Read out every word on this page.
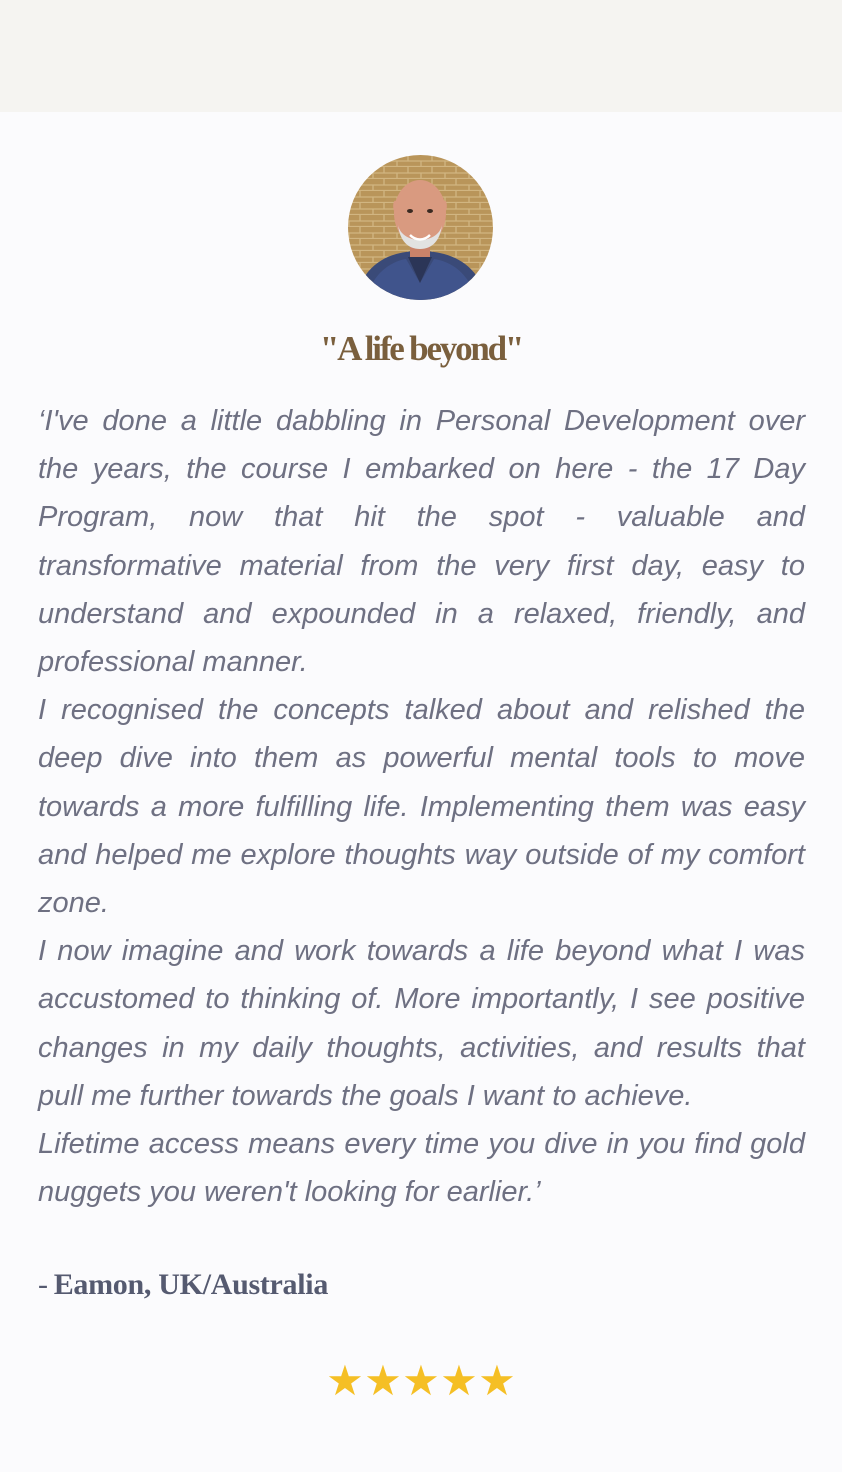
"A life beyond"

‘I've done a little dabbling in Personal Development over the years, the course I embarked on here - the 17 Day Program, now that hit the spot - valuable and transformative material from the very first day, easy to understand and expounded in a relaxed, friendly, and professional manner.

I recognised the concepts talked about and relished the deep dive into them as powerful mental tools to move towards a more fulfilling life. Implementing them was easy and helped me explore thoughts way outside of my comfort zone.

I now imagine and work towards a life beyond what I was accustomed to thinking of. More importantly, I see positive changes in my daily thoughts, activities, and results that pull me further towards the goals I want to achieve.

Lifetime access means every time you dive in you find gold nuggets you weren't looking for earlier.’

- Eamon, UK/Australia
★★★★★
